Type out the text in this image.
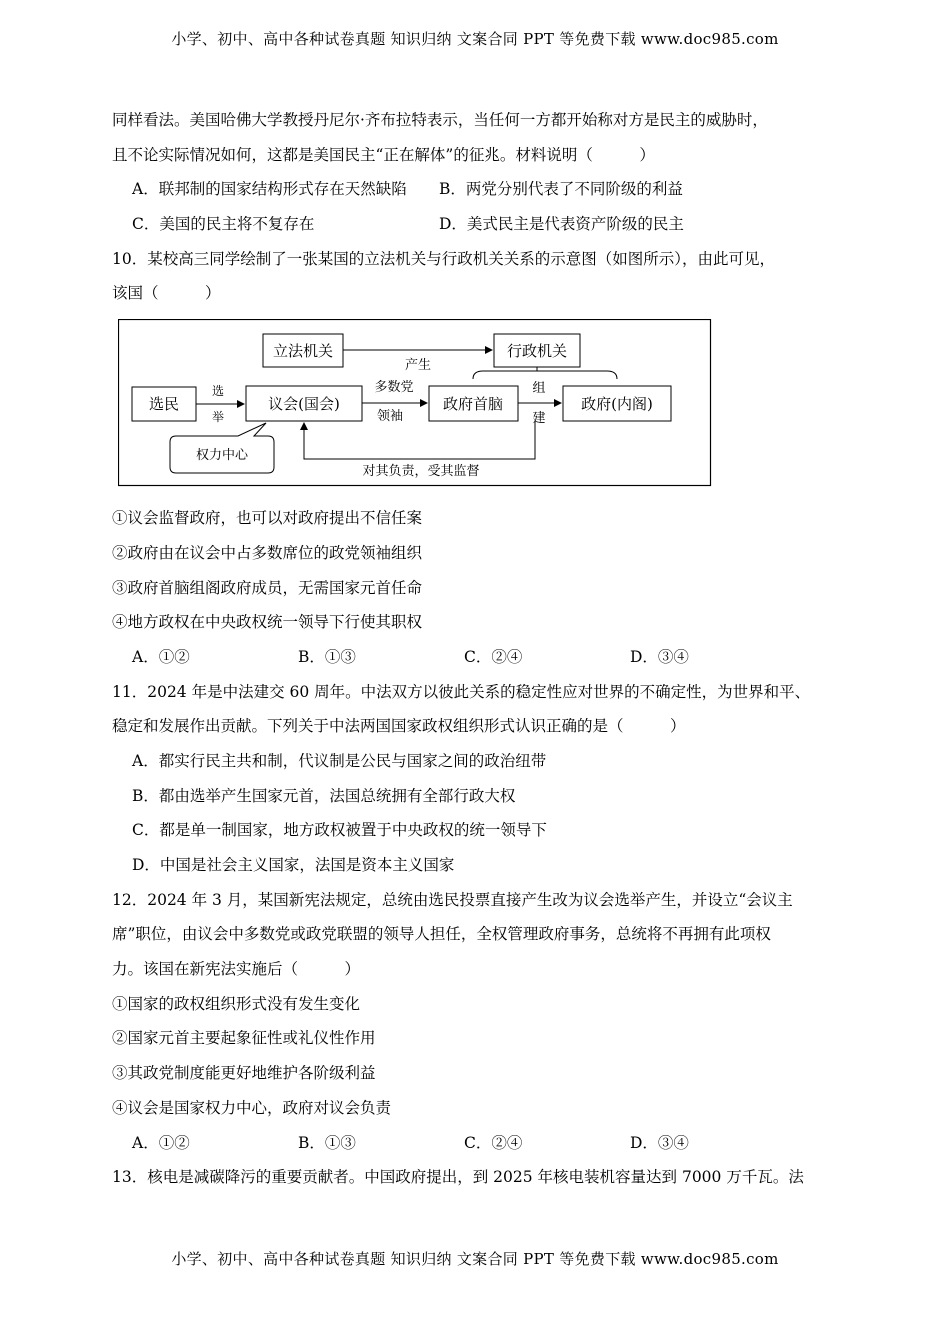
小学、初中、高中各种试卷真题 知识归纳 文案合同 PPT 等免费下载 www.doc985.com
同样看法。美国哈佛大学教授丹尼尔·齐布拉特表示，当任何一方都开始称对方是民主的威胁时，
且不论实际情况如何，这都是美国民主“正在解体”的征兆。材料说明（　　　）
A．联邦制的国家结构形式存在天然缺陷	B．两党分别代表了不同阶级的利益
C．美国的民主将不复存在	D．美式民主是代表资产阶级的民主
10．某校高三同学绘制了一张某国的立法机关与行政机关关系的示意图（如图所示），由此可见，
该国（　　　）
立法机关	行政机关
选民	议会(国会)	政府首脑	政府(内阁)
产生
选
举
多数党
领袖
组
建
对其负责，受其监督
权力中心
①议会监督政府，也可以对政府提出不信任案
②政府由在议会中占多数席位的政党领袖组织
③政府首脑组阁政府成员，无需国家元首任命
④地方政权在中央政权统一领导下行使其职权
A．①②	B．①③	C．②④	D．③④
11．2024 年是中法建交 60 周年。中法双方以彼此关系的稳定性应对世界的不确定性，为世界和平、
稳定和发展作出贡献。下列关于中法两国国家政权组织形式认识正确的是（　　　）
A．都实行民主共和制，代议制是公民与国家之间的政治纽带
B．都由选举产生国家元首，法国总统拥有全部行政大权
C．都是单一制国家，地方政权被置于中央政权的统一领导下
D．中国是社会主义国家，法国是资本主义国家
12．2024 年 3 月，某国新宪法规定，总统由选民投票直接产生改为议会选举产生，并设立“会议主
席”职位，由议会中多数党或政党联盟的领导人担任，全权管理政府事务，总统将不再拥有此项权
力。该国在新宪法实施后（　　　）
①国家的政权组织形式没有发生变化
②国家元首主要起象征性或礼仪性作用
③其政党制度能更好地维护各阶级利益
④议会是国家权力中心，政府对议会负责
A．①②	B．①③	C．②④	D．③④
13．核电是减碳降污的重要贡献者。中国政府提出，到 2025 年核电装机容量达到 7000 万千瓦。法
小学、初中、高中各种试卷真题 知识归纳 文案合同 PPT 等免费下载 www.doc985.com
